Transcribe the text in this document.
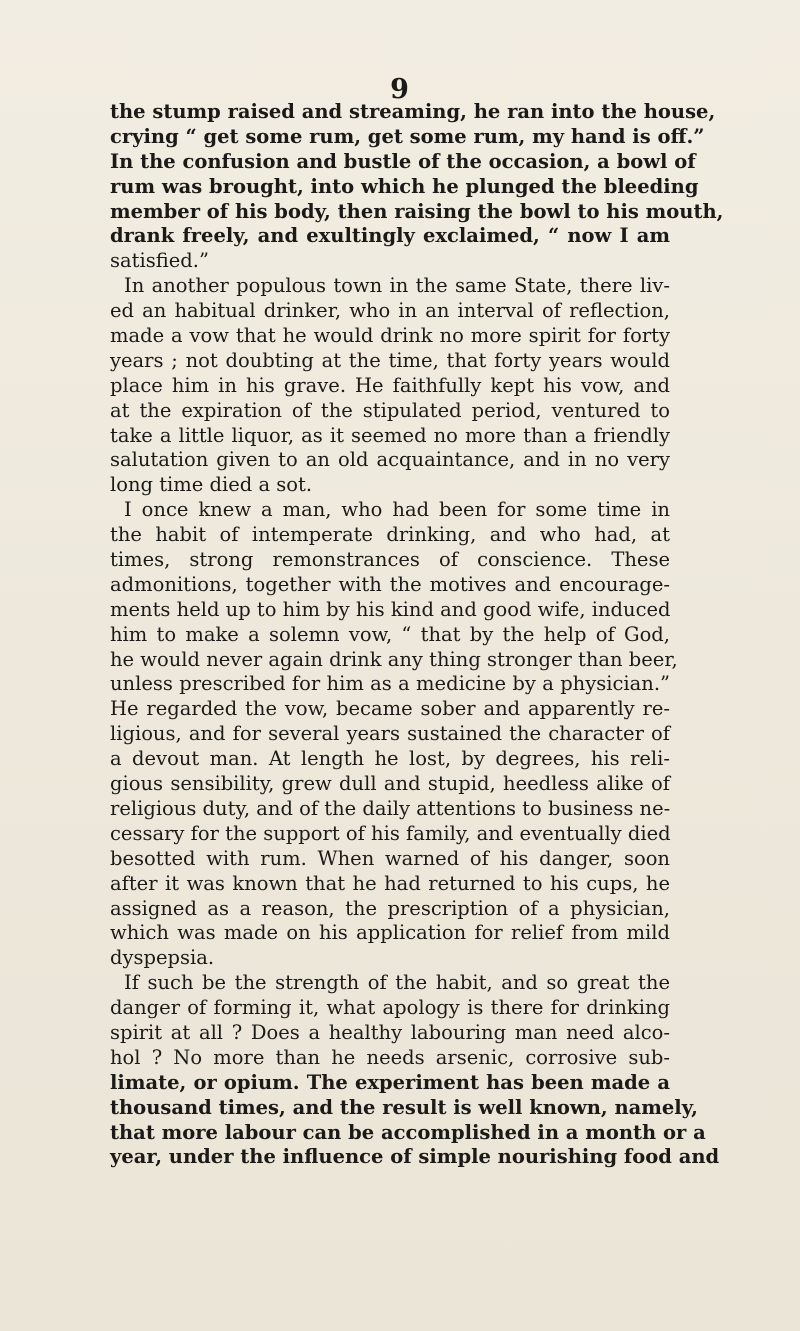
9
the stump raised and streaming, he ran into the house,
crying “ get some rum, get some rum, my hand is off.”
In the confusion and bustle of the occasion, a bowl of
rum was brought, into which he plunged the bleeding
member of his body, then raising the bowl to his mouth,
drank freely, and exultingly exclaimed, “ now I am
satisfied.”
In another populous town in the same State, there liv-
ed an habitual drinker, who in an interval of reflection,
made a vow that he would drink no more spirit for forty
years ; not doubting at the time, that forty years would
place him in his grave. He faithfully kept his vow, and
at the expiration of the stipulated period, ventured to
take a little liquor, as it seemed no more than a friendly
salutation given to an old acquaintance, and in no very
long time died a sot.
I once knew a man, who had been for some time in
the habit of intemperate drinking, and who had, at
times, strong remonstrances of conscience. These
admonitions, together with the motives and encourage-
ments held up to him by his kind and good wife, induced
him to make a solemn vow, “ that by the help of God,
he would never again drink any thing stronger than beer,
unless prescribed for him as a medicine by a physician.”
He regarded the vow, became sober and apparently re-
ligious, and for several years sustained the character of
a devout man. At length he lost, by degrees, his reli-
gious sensibility, grew dull and stupid, heedless alike of
religious duty, and of the daily attentions to business ne-
cessary for the support of his family, and eventually died
besotted with rum. When warned of his danger, soon
after it was known that he had returned to his cups, he
assigned as a reason, the prescription of a physician,
which was made on his application for relief from mild
dyspepsia.
If such be the strength of the habit, and so great the
danger of forming it, what apology is there for drinking
spirit at all ? Does a healthy labouring man need alco-
hol ? No more than he needs arsenic, corrosive sub-
limate, or opium. The experiment has been made a
thousand times, and the result is well known, namely,
that more labour can be accomplished in a month or a
year, under the influence of simple nourishing food and
